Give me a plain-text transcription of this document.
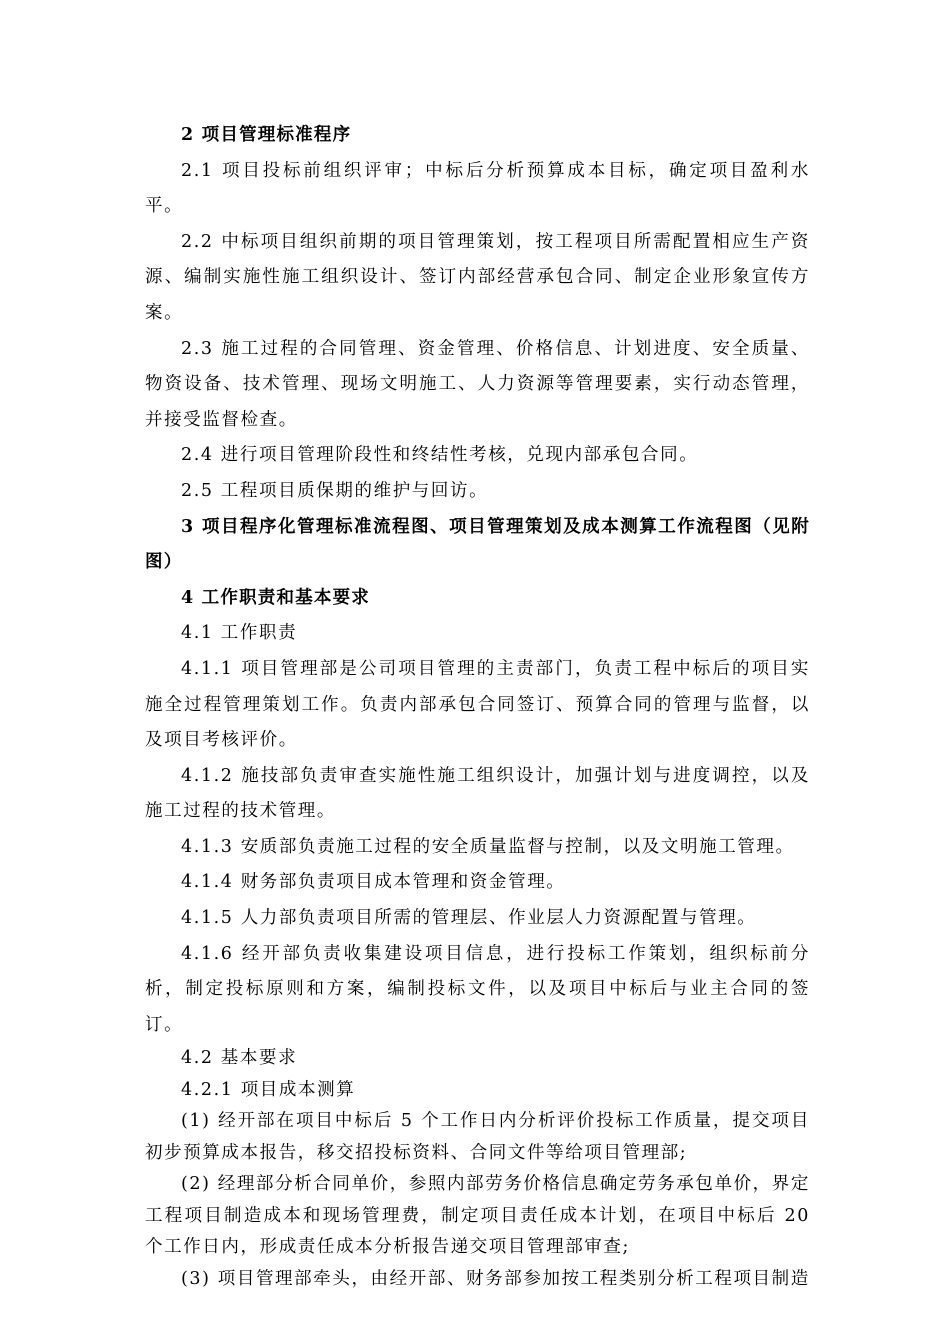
2 项目管理标准程序

2.1 项目投标前组织评审；中标后分析预算成本目标，确定项目盈利水平。

2.2 中标项目组织前期的项目管理策划，按工程项目所需配置相应生产资源、编制实施性施工组织设计、签订内部经营承包合同、制定企业形象宣传方案。

2.3 施工过程的合同管理、资金管理、价格信息、计划进度、安全质量、物资设备、技术管理、现场文明施工、人力资源等管理要素，实行动态管理，并接受监督检查。

2.4 进行项目管理阶段性和终结性考核，兑现内部承包合同。

2.5 工程项目质保期的维护与回访。

3 项目程序化管理标准流程图、项目管理策划及成本测算工作流程图（见附图）

4 工作职责和基本要求

4.1 工作职责

4.1.1 项目管理部是公司项目管理的主责部门，负责工程中标后的项目实施全过程管理策划工作。负责内部承包合同签订、预算合同的管理与监督，以及项目考核评价。

4.1.2 施技部负责审查实施性施工组织设计，加强计划与进度调控，以及施工过程的技术管理。

4.1.3 安质部负责施工过程的安全质量监督与控制，以及文明施工管理。

4.1.4 财务部负责项目成本管理和资金管理。

4.1.5 人力部负责项目所需的管理层、作业层人力资源配置与管理。

4.1.6 经开部负责收集建设项目信息，进行投标工作策划，组织标前分析，制定投标原则和方案，编制投标文件，以及项目中标后与业主合同的签订。

4.2 基本要求

4.2.1 项目成本测算

(1) 经开部在项目中标后 5 个工作日内分析评价投标工作质量，提交项目初步预算成本报告，移交招投标资料、合同文件等给项目管理部;

(2) 经理部分析合同单价，参照内部劳务价格信息确定劳务承包单价，界定工程项目制造成本和现场管理费，制定项目责任成本计划，在项目中标后 20 个工作日内，形成责任成本分析报告递交项目管理部审查;

(3) 项目管理部牵头，由经开部、财务部参加按工程类别分析工程项目制造
